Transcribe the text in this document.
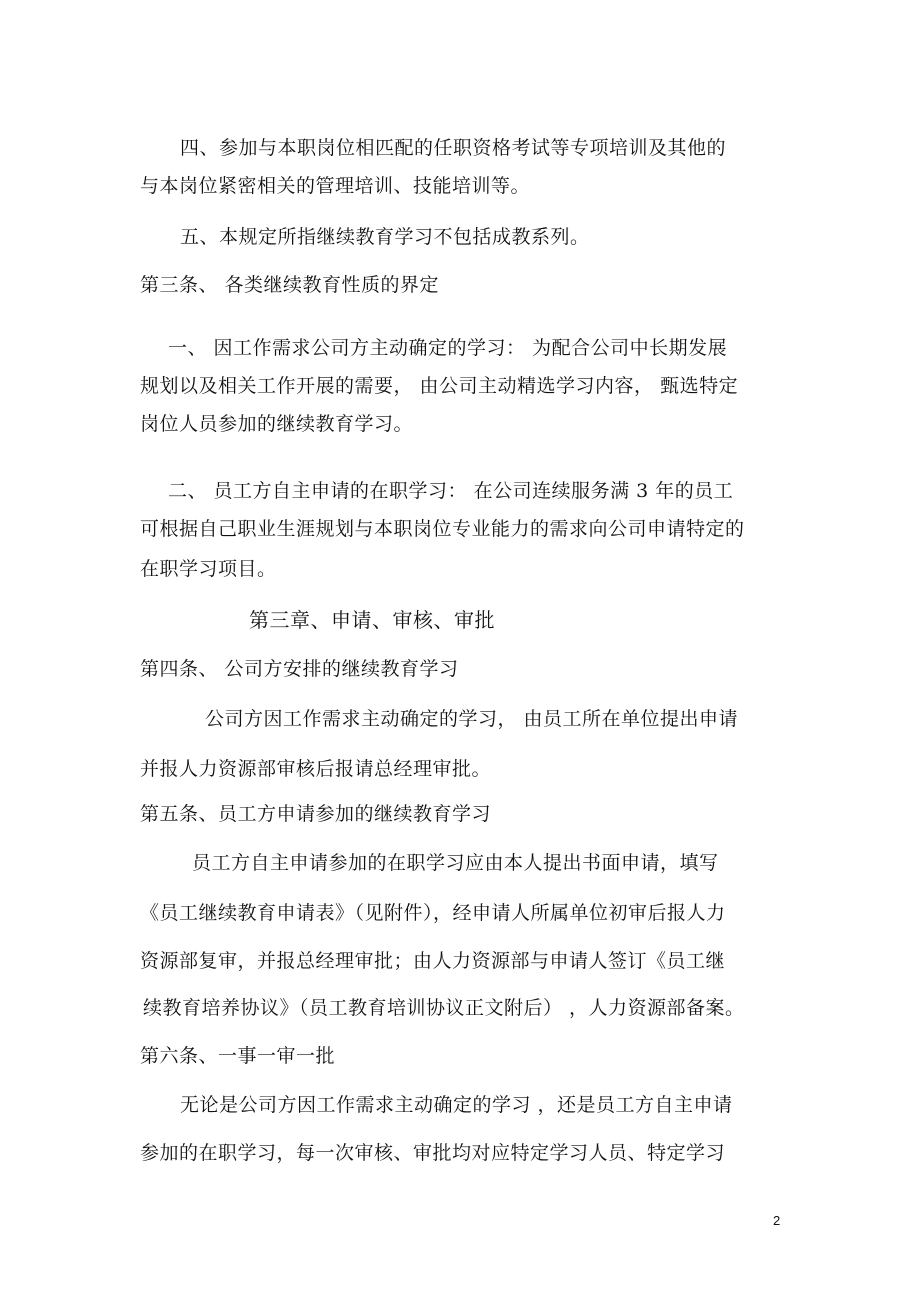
四、参加与本职岗位相匹配的任职资格考试等专项培训及其他的
与本岗位紧密相关的管理培训、技能培训等。
五、本规定所指继续教育学习不包括成教系列。
第三条、 各类继续教育性质的界定
一、 因工作需求公司方主动确定的学习： 为配合公司中长期发展
规划以及相关工作开展的需要， 由公司主动精选学习内容， 甄选特定
岗位人员参加的继续教育学习。
二、 员工方自主申请的在职学习： 在公司连续服务满 3 年的员工
可根据自己职业生涯规划与本职岗位专业能力的需求向公司申请特定的
在职学习项目。
第三章、申请、审核、审批
第四条、 公司方安排的继续教育学习
公司方因工作需求主动确定的学习， 由员工所在单位提出申请
并报人力资源部审核后报请总经理审批。
第五条、员工方申请参加的继续教育学习
员工方自主申请参加的在职学习应由本人提出书面申请，填写
《员工继续教育申请表》（见附件），经申请人所属单位初审后报人力
资源部复审，并报总经理审批；由人力资源部与申请人签订《员工继
续教育培养协议》（员工教育培训协议正文附后） ，人力资源部备案。
第六条、一事一审一批
无论是公司方因工作需求主动确定的学习 ，还是员工方自主申请
参加的在职学习，每一次审核、审批均对应特定学习人员、特定学习
2
